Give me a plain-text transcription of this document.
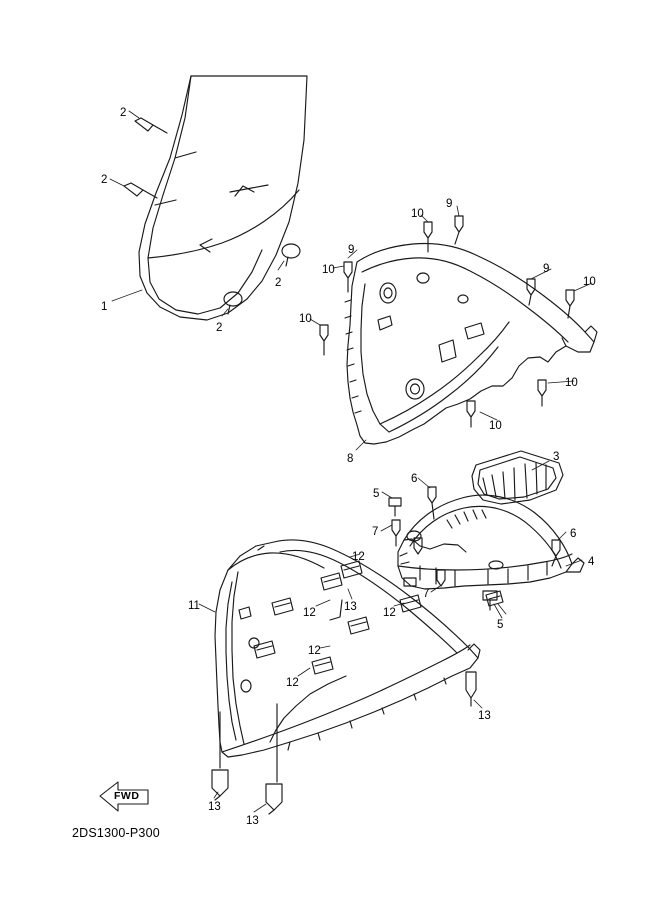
FWD
2DS1300-P300
2
2
2
2
1
9
9
9
10
10
10
10
10
10
8	3
6
6
5
5
7
7
4
11
12
12	12
12
12
13
13
13
13
